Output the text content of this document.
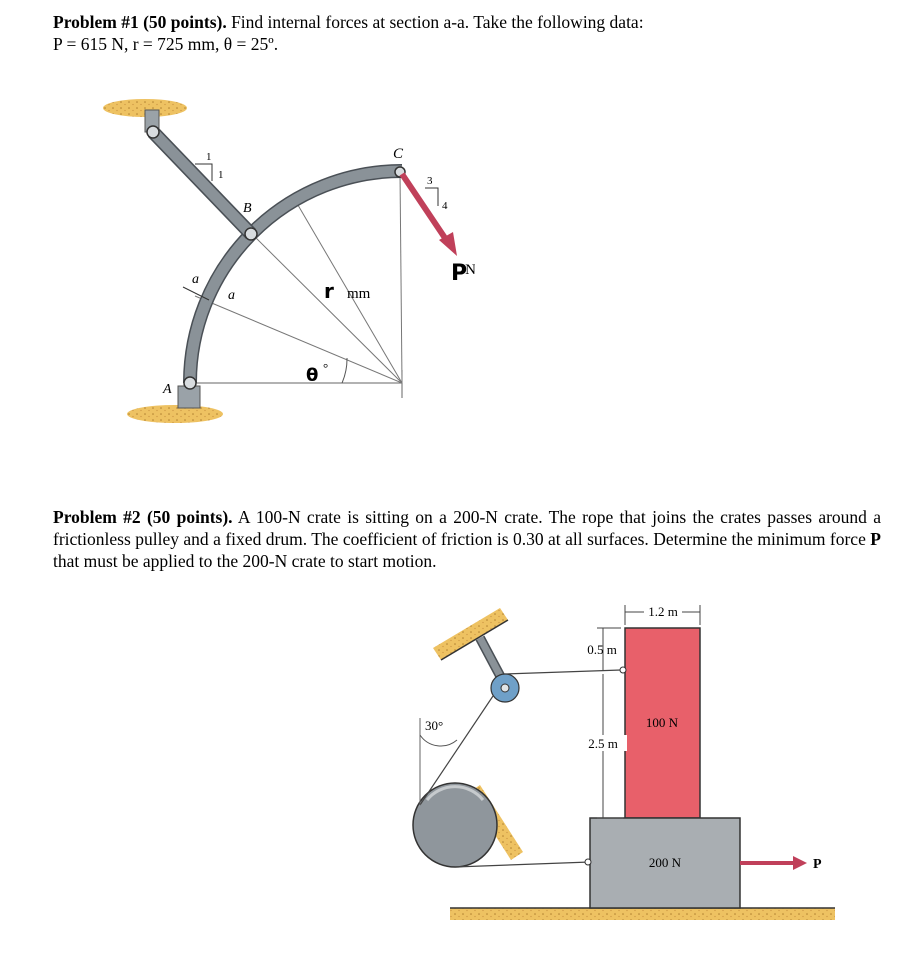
Problem #1 (50 points). Find internal forces at section a-a. Take the following data:
P = 615 N, r = 725 mm, θ = 25º.

1
1	3
4
C
B
A
a
a
P
N
r mm
θ °

Problem #2 (50 points). A 100-N crate is sitting on a 200-N crate. The rope that joins the crates passes around a frictionless pulley and a fixed drum. The coefficient of friction is 0.30 at all surfaces. Determine the minimum force P that must be applied to the 200-N crate to start motion.

30°	100 N
200 N	P
1.2 m
0.5 m
2.5 m
